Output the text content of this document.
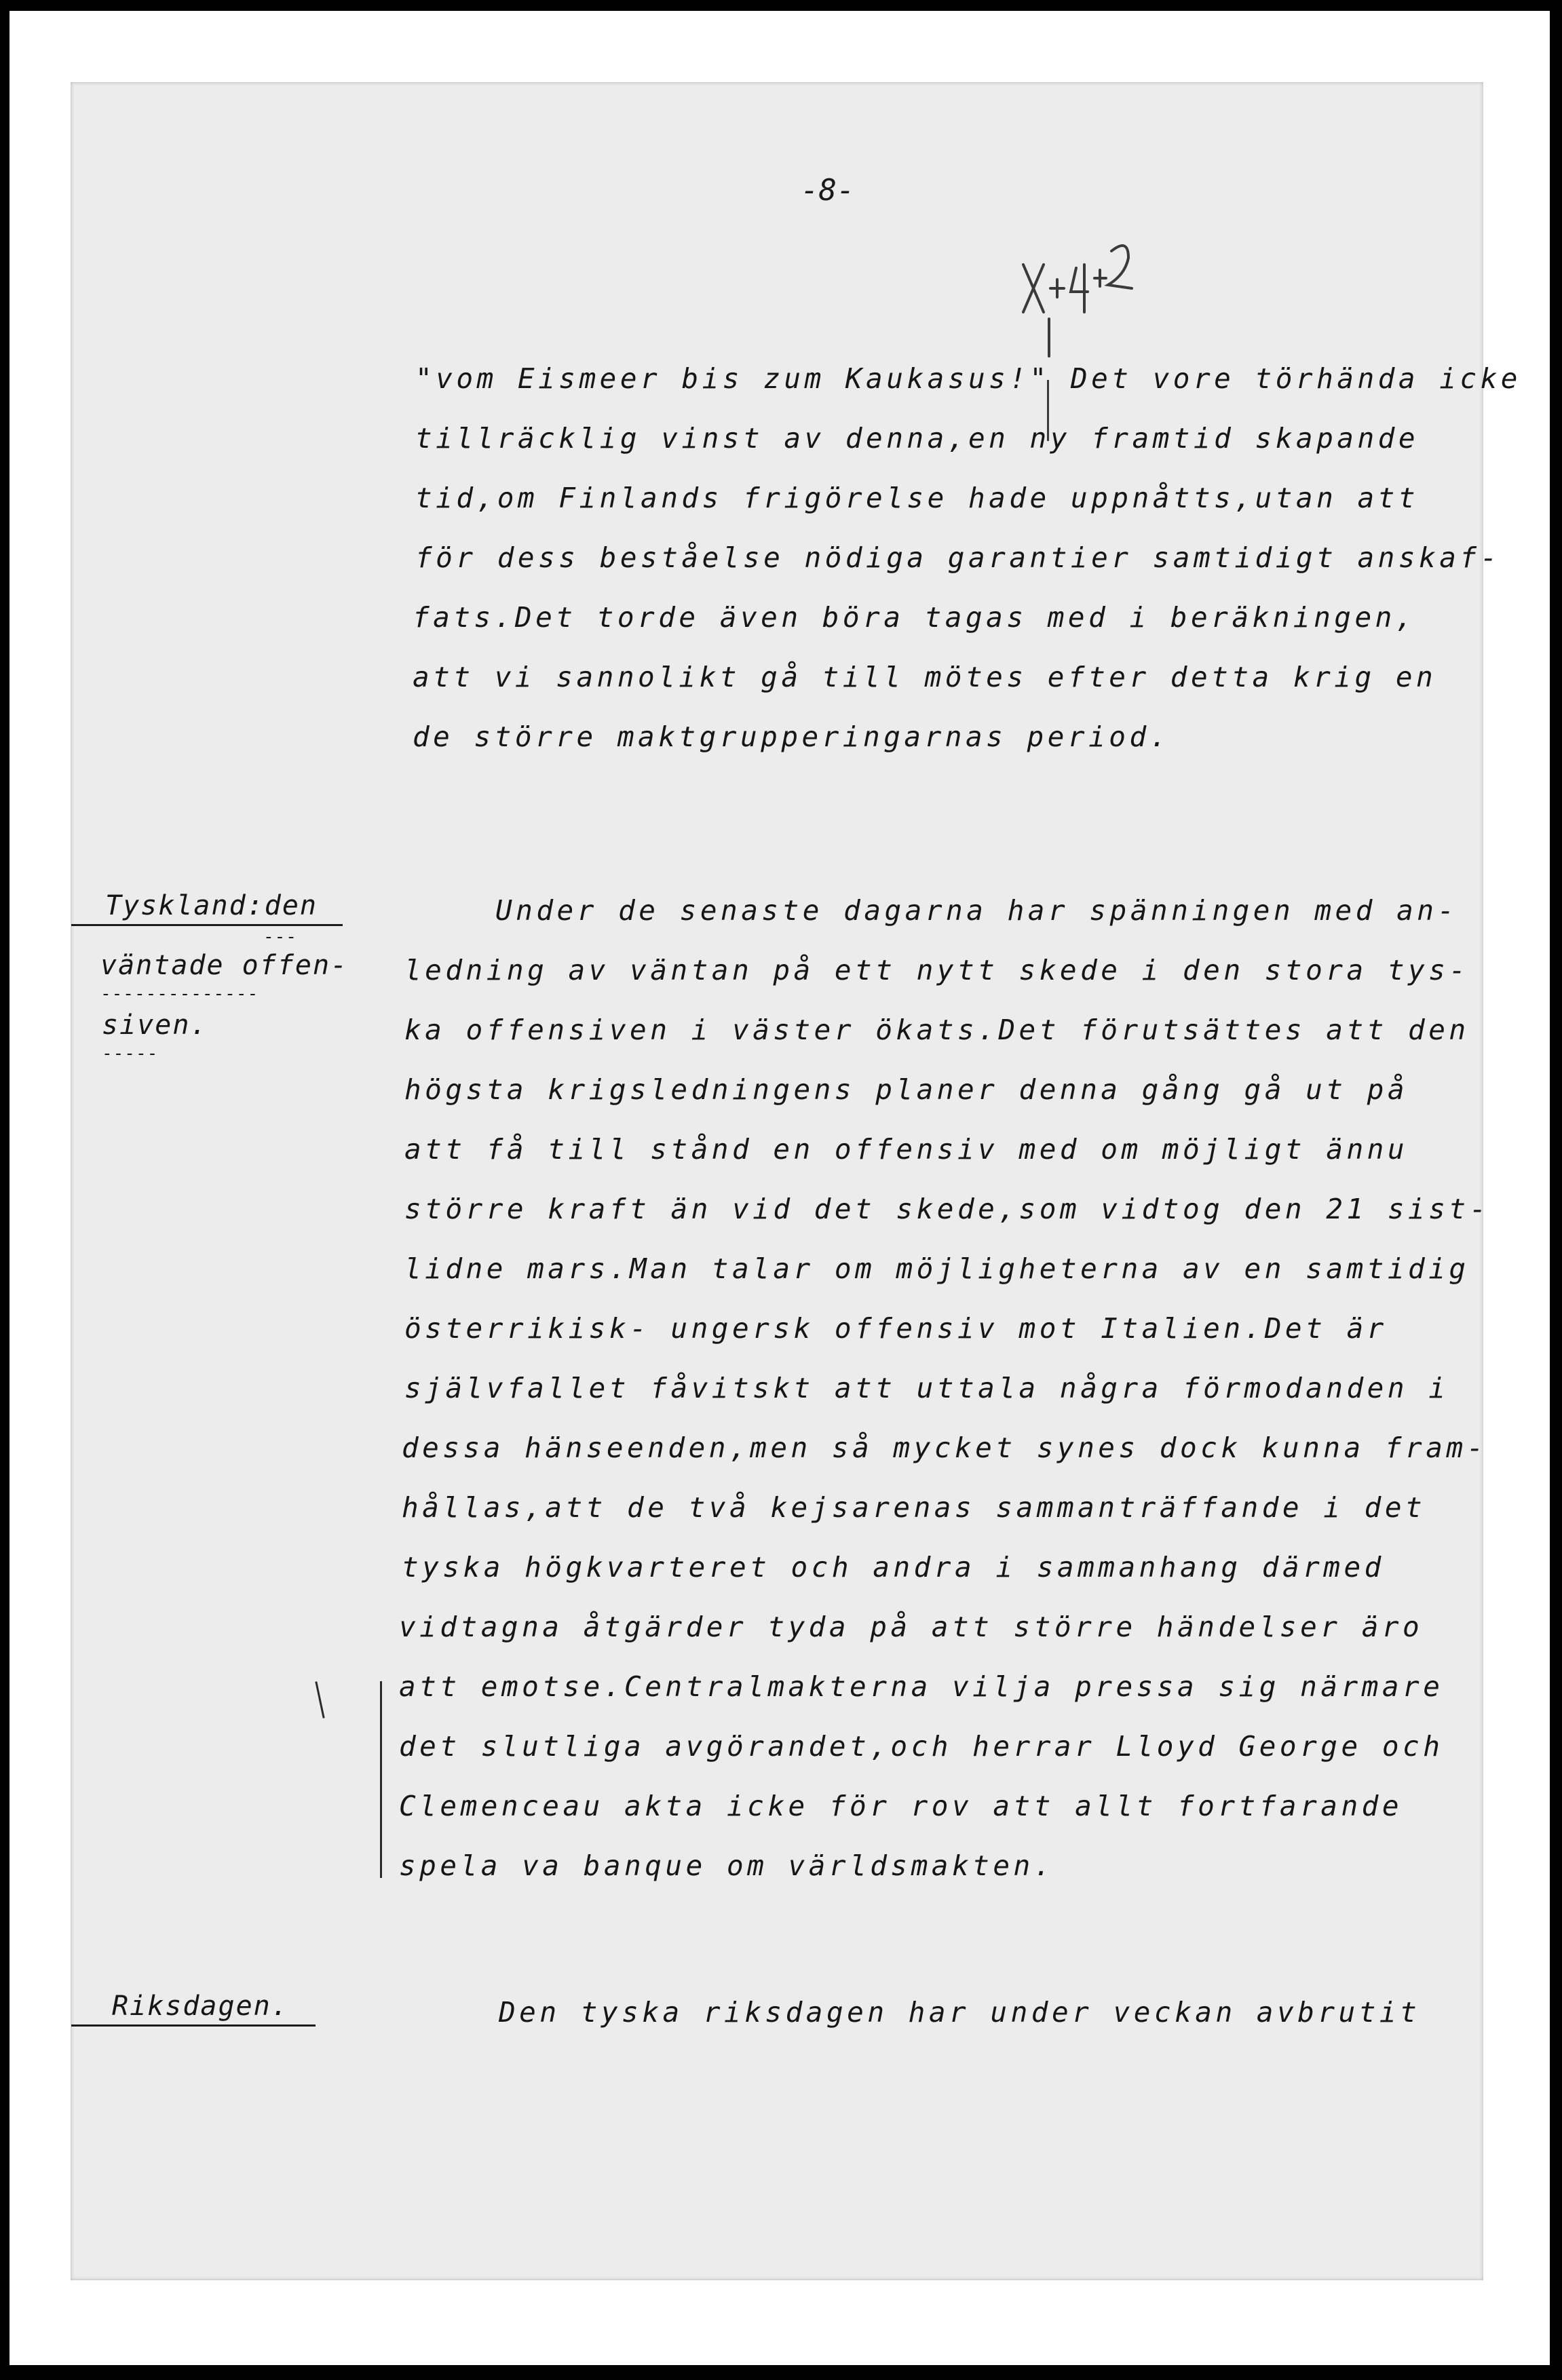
-8-
"vom Eismeer bis zum Kaukasus!" Det vore törhända icke
tillräcklig vinst av denna,en ny framtid skapande
tid,om Finlands frigörelse hade uppnåtts,utan att
för dess beståelse nödiga garantier samtidigt anskaf-
fats.Det torde även böra tagas med i beräkningen,
att vi sannolikt gå till mötes efter detta krig en
de större maktgrupperingarnas period.
Tyskland:den
---
väntade offen-
--------------
siven.
-----
Under de senaste dagarna har spänningen med an-
ledning av väntan på ett nytt skede i den stora tys-
ka offensiven i väster ökats.Det förutsättes att den
högsta krigsledningens planer denna gång gå ut på
att få till stånd en offensiv med om möjligt ännu
större kraft än vid det skede,som vidtog den 21 sist-
lidne mars.Man talar om möjligheterna av en samtidig
österrikisk- ungersk offensiv mot Italien.Det är
självfallet fåvitskt att uttala några förmodanden i
dessa hänseenden,men så mycket synes dock kunna fram-
hållas,att de två kejsarenas sammanträffande i det
tyska högkvarteret och andra i sammanhang därmed
vidtagna åtgärder tyda på att större händelser äro
att emotse.Centralmakterna vilja pressa sig närmare
det slutliga avgörandet,och herrar Lloyd George och
Clemenceau akta icke för rov att allt fortfarande
spela va banque om världsmakten.
Riksdagen.	Den tyska riksdagen har under veckan avbrutit
